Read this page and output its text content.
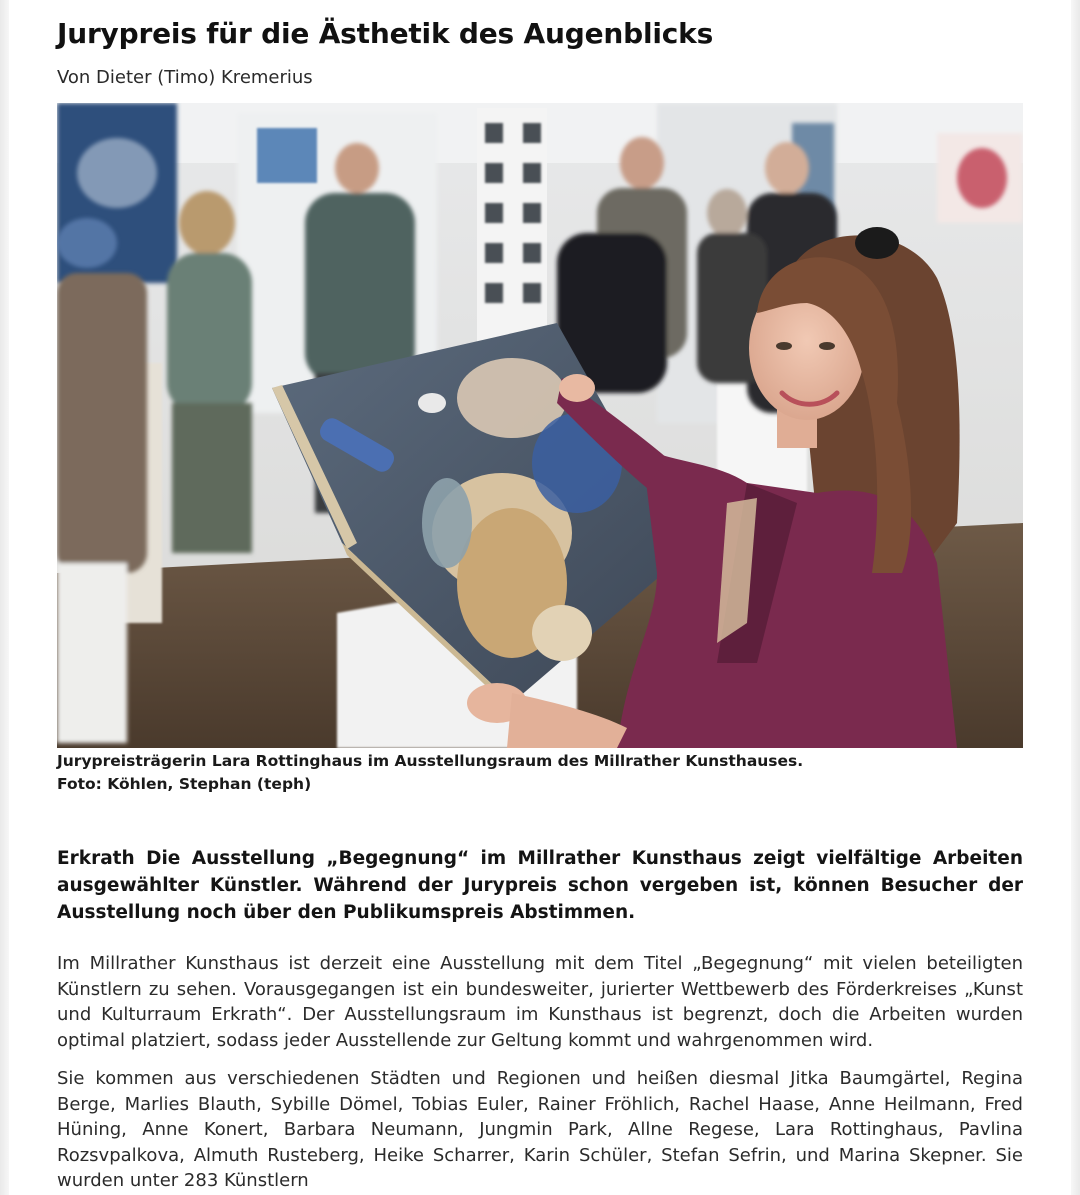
Jurypreis für die Ästhetik des Augenblicks
Von Dieter (Timo) Kremerius
Jurypreisträgerin Lara Rottinghaus im Ausstellungsraum des Millrather Kunsthauses.
Foto: Köhlen, Stephan (teph)

Erkrath Die Ausstellung „Begegnung“ im Millrather Kunsthaus zeigt vielfältige Arbeiten ausgewählter Künstler. Während der Jurypreis schon vergeben ist, können Besucher der Ausstellung noch über den Publikumspreis Abstimmen.

Im Millrather Kunsthaus ist derzeit eine Ausstellung mit dem Titel „Begegnung“ mit vielen beteiligten Künstlern zu sehen. Vorausgegangen ist ein bundesweiter, jurierter Wettbewerb des Förderkreises „Kunst und Kulturraum Erkrath“. Der Ausstellungsraum im Kunsthaus ist begrenzt, doch die Arbeiten wurden optimal platziert, sodass jeder Ausstellende zur Geltung kommt und wahrgenommen wird.

Sie kommen aus verschiedenen Städten und Regionen und heißen diesmal Jitka Baumgärtel, Regina Berge, Marlies Blauth, Sybille Dömel, Tobias Euler, Rainer Fröhlich, Rachel Haase, Anne Heilmann, Fred Hüning, Anne Konert, Barbara Neumann, Jungmin Park, Allne Regese, Lara Rottinghaus, Pavlina Rozsvpalkova, Almuth Rusteberg, Heike Scharrer, Karin Schüler, Stefan Sefrin, und Marina Skepner. Sie wurden unter 283 Künstlern
